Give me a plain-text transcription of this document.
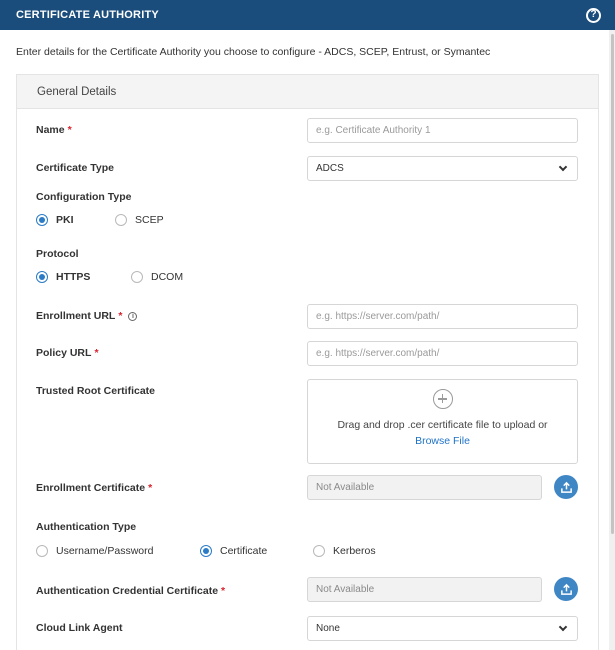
CERTIFICATE AUTHORITY	?
Enter details for the Certificate Authority you choose to configure - ADCS, SCEP, Entrust, or Symantec
General Details
Name *
e.g. Certificate Authority 1
Certificate Type	ADCS
Configuration Type
PKI	SCEP
Protocol
HTTPS	DCOM
Enrollment URL *	i
e.g. https://server.com/path/
Policy URL *
e.g. https://server.com/path/
Trusted Root Certificate
Drag and drop .cer certificate file to upload or
Browse File
Enrollment Certificate *
Not Available
Authentication Type
Username/Password	Certificate	Kerberos
Authentication Credential Certificate *
Not Available
Cloud Link Agent	None
